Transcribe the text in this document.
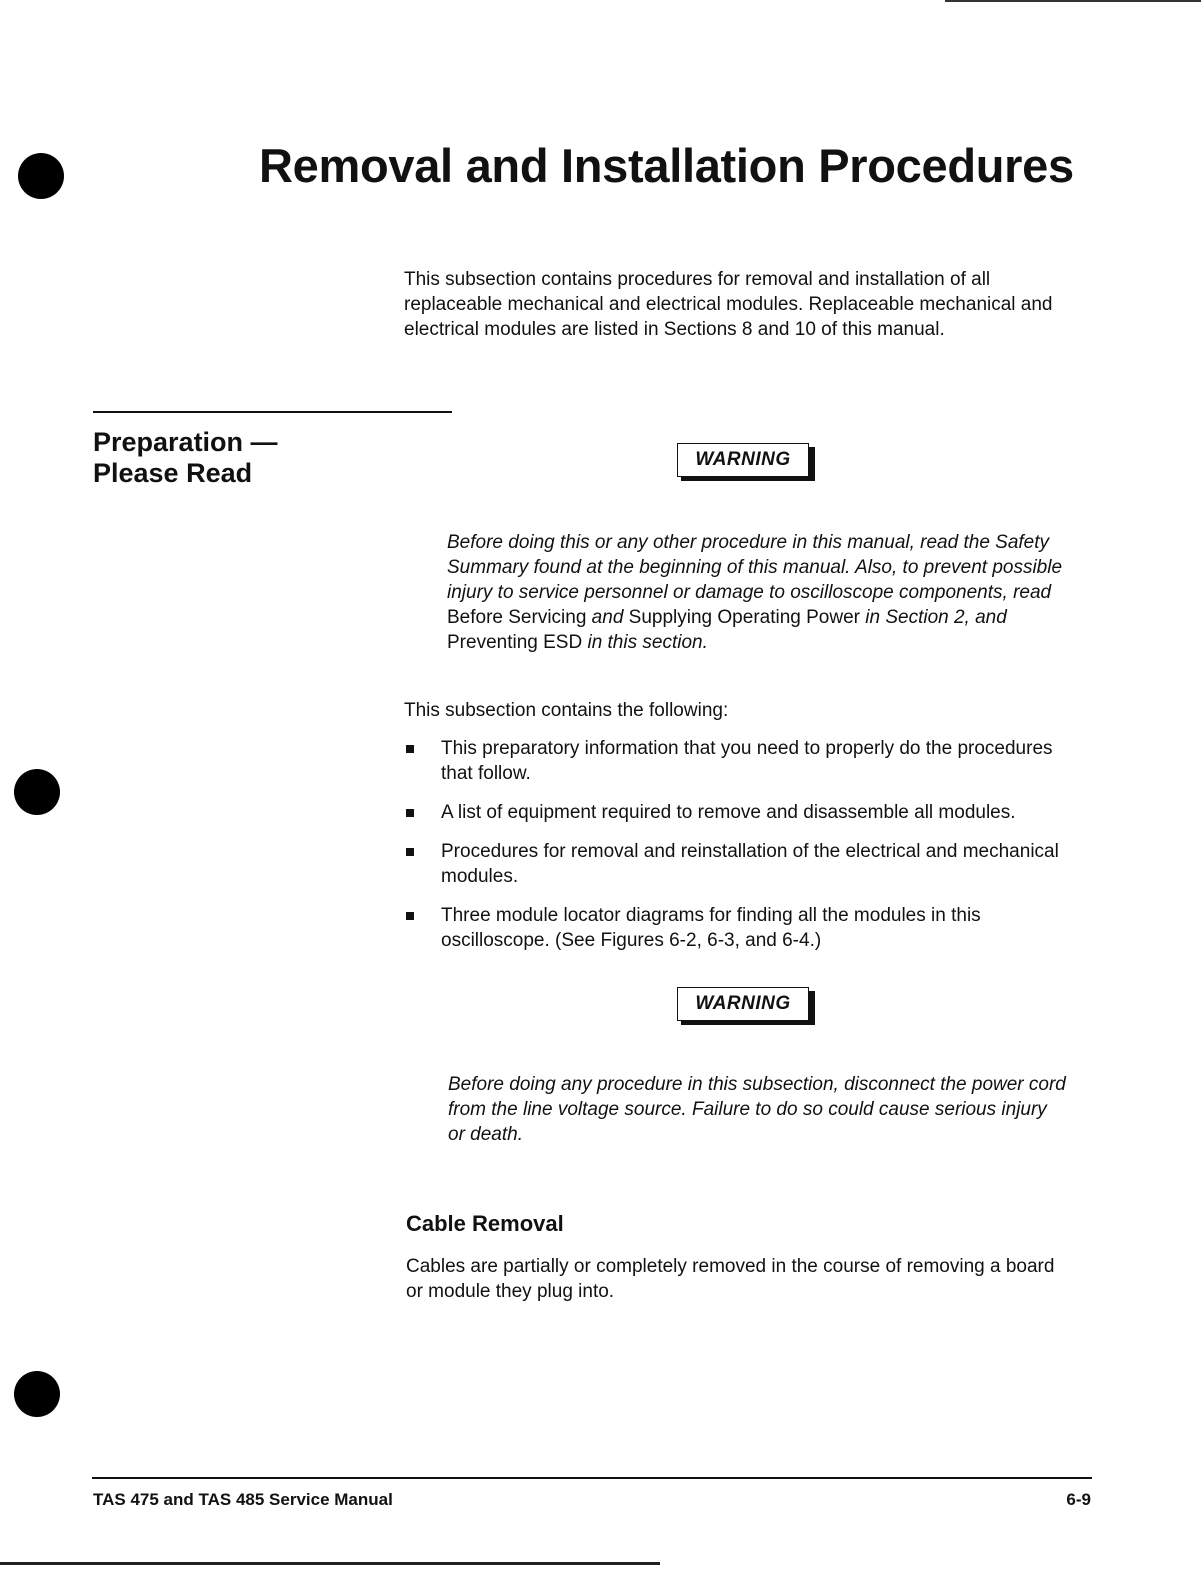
Removal and Installation Procedures

This subsection contains procedures for removal and installation of all replaceable mechanical and electrical modules. Replaceable mechanical and electrical modules are listed in Sections 8 and 10 of this manual.

Preparation —
Please Read	WARNING

Before doing this or any other procedure in this manual, read the Safety Summary found at the beginning of this manual. Also, to prevent possible injury to service personnel or damage to oscilloscope components, read Before Servicing and Supplying Operating Power in Section 2, and Preventing ESD in this section.

This subsection contains the following:

This preparatory information that you need to properly do the procedures that follow.
A list of equipment required to remove and disassemble all modules.
Procedures for removal and reinstallation of the electrical and mechanical modules.
Three module locator diagrams for finding all the modules in this oscilloscope. (See Figures 6-2, 6-3, and 6-4.)
WARNING

Before doing any procedure in this subsection, disconnect the power cord from the line voltage source. Failure to do so could cause serious injury or death.

Cable Removal

Cables are partially or completely removed in the course of removing a board or module they plug into.

TAS 475 and TAS 485 Service Manual	6-9
